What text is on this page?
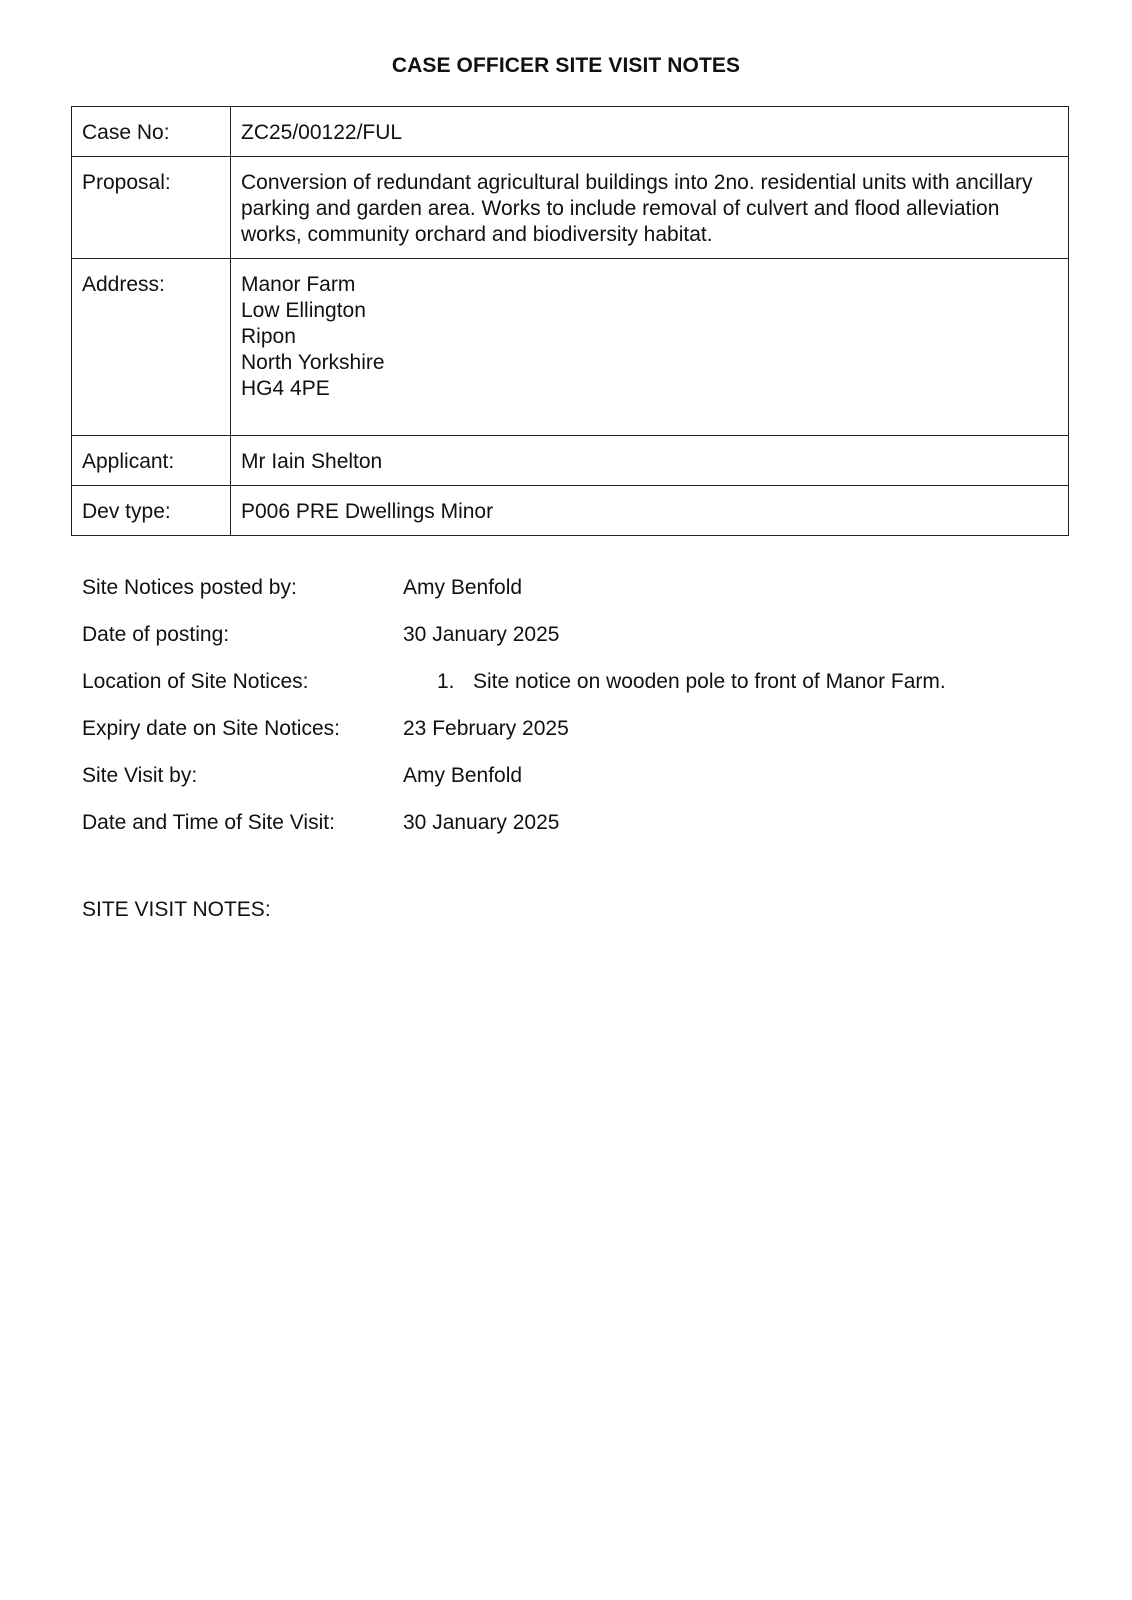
CASE OFFICER SITE VISIT NOTES
Case No:	ZC25/00122/FUL
Proposal:	Conversion of redundant agricultural buildings into 2no. residential units with ancillary parking and garden area. Works to include removal of culvert and flood alleviation works, community orchard and biodiversity habitat.
Address:	Manor Farm
Low Ellington
Ripon
North Yorkshire
HG4 4PE

Applicant:	Mr Iain Shelton
Dev type:	P006 PRE Dwellings Minor
Site Notices posted by:	Amy Benfold
Date of posting:	30 January 2025
Location of Site Notices:	1. Site notice on wooden pole to front of Manor Farm.
Expiry date on Site Notices:	23 February 2025
Site Visit by:	Amy Benfold
Date and Time of Site Visit:	30 January 2025
SITE VISIT NOTES:
